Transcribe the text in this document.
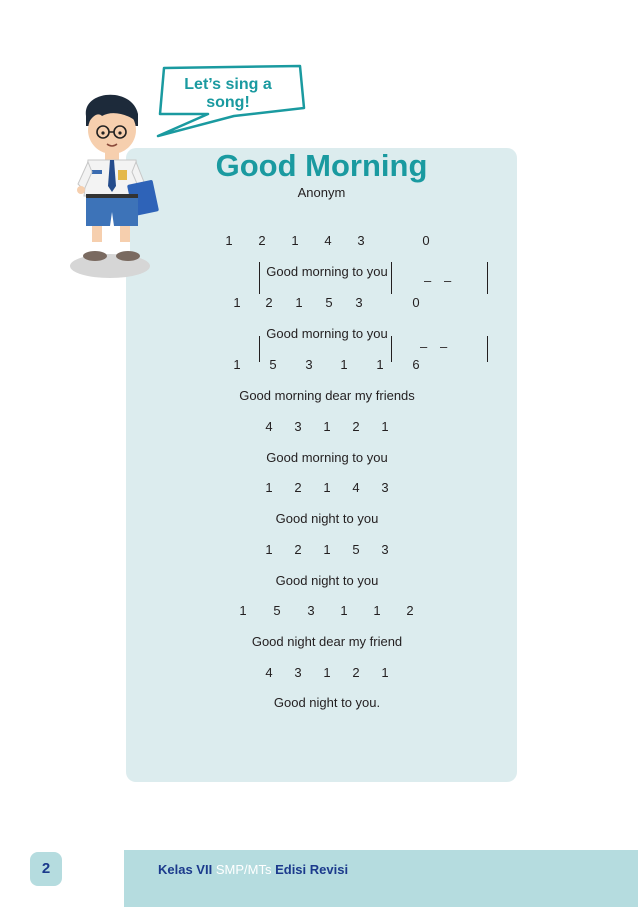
Let’s sing a
song!
Good Morning
Anonym
1 2 1 4 3	0
Good morning to you
1 2 1 5 3	0
Good morning to you
1 5 3 1 1 6
Good morning dear my friends
4 3 1 2 1
Good morning to you
1 2 1 4 3
Good night to you
1 2 1 5 3
Good night to you
1 5 3 1 1 2
Good night dear my friend
4 3 1 2 1
Good night to you.
– –
– –
2	Kelas VII SMP/MTs Edisi Revisi
